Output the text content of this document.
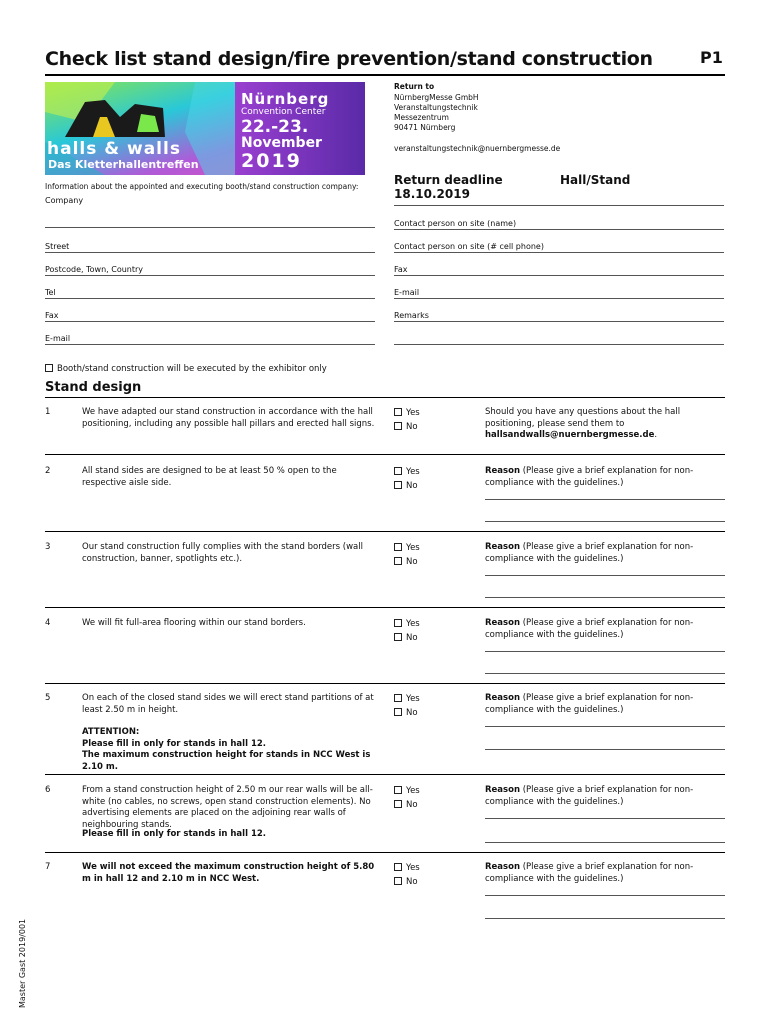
Check list stand design/fire prevention/stand construction	P1
halls & walls
Das Kletterhallentreffen
Nürnberg
Convention Center
22.-23.
November
2019
Return to
NürnbergMesse GmbH
Veranstaltungstechnik
Messezentrum
90471 Nürnberg
veranstaltungstechnik@nuernbergmesse.de
Return deadline
18.10.2019
Hall/Stand
Information about the appointed and executing booth/stand construction company:
Company
Street
Postcode, Town, Country
Tel
Fax
E-mail
Contact person on site (name)
Contact person on site (# cell phone)
Fax
E-mail
Remarks
Booth/stand construction will be executed by the exhibitor only
Stand design
1	We have adapted our stand construction in accordance with the hall positioning, including any possible hall pillars and erected hall signs.
Yes
No
Should you have any questions about the hall positioning, please send them to hallsandwalls@nuernbergmesse.de.
2	All stand sides are designed to be at least 50 % open to the respective aisle side.
Yes
No
Reason (Please give a brief explanation for non-compliance with the guidelines.)
3	Our stand construction fully complies with the stand borders (wall construction, banner, spotlights etc.).
Yes
No
Reason (Please give a brief explanation for non-compliance with the guidelines.)
4	We will fit full-area flooring within our stand borders.	Yes
No
Reason (Please give a brief explanation for non-compliance with the guidelines.)
5	On each of the closed stand sides we will erect stand partitions of at least 2.50 m in height.
Yes
No
Reason (Please give a brief explanation for non-compliance with the guidelines.)
ATTENTION:
Please fill in only for stands in hall 12.
The maximum construction height for stands in NCC West is 2.10 m.
6	From a stand construction height of 2.50 m our rear walls will be all-white (no cables, no screws, open stand construction elements). No advertising elements are placed on the adjoining rear walls of neighbouring stands.
Please fill in only for stands in hall 12.
Yes
No
Reason (Please give a brief explanation for non-compliance with the guidelines.)
7	We will not exceed the maximum construction height of 5.80 m in hall 12 and 2.10 m in NCC West.
Yes
No
Reason (Please give a brief explanation for non-compliance with the guidelines.)
Master Gast 2019/001
